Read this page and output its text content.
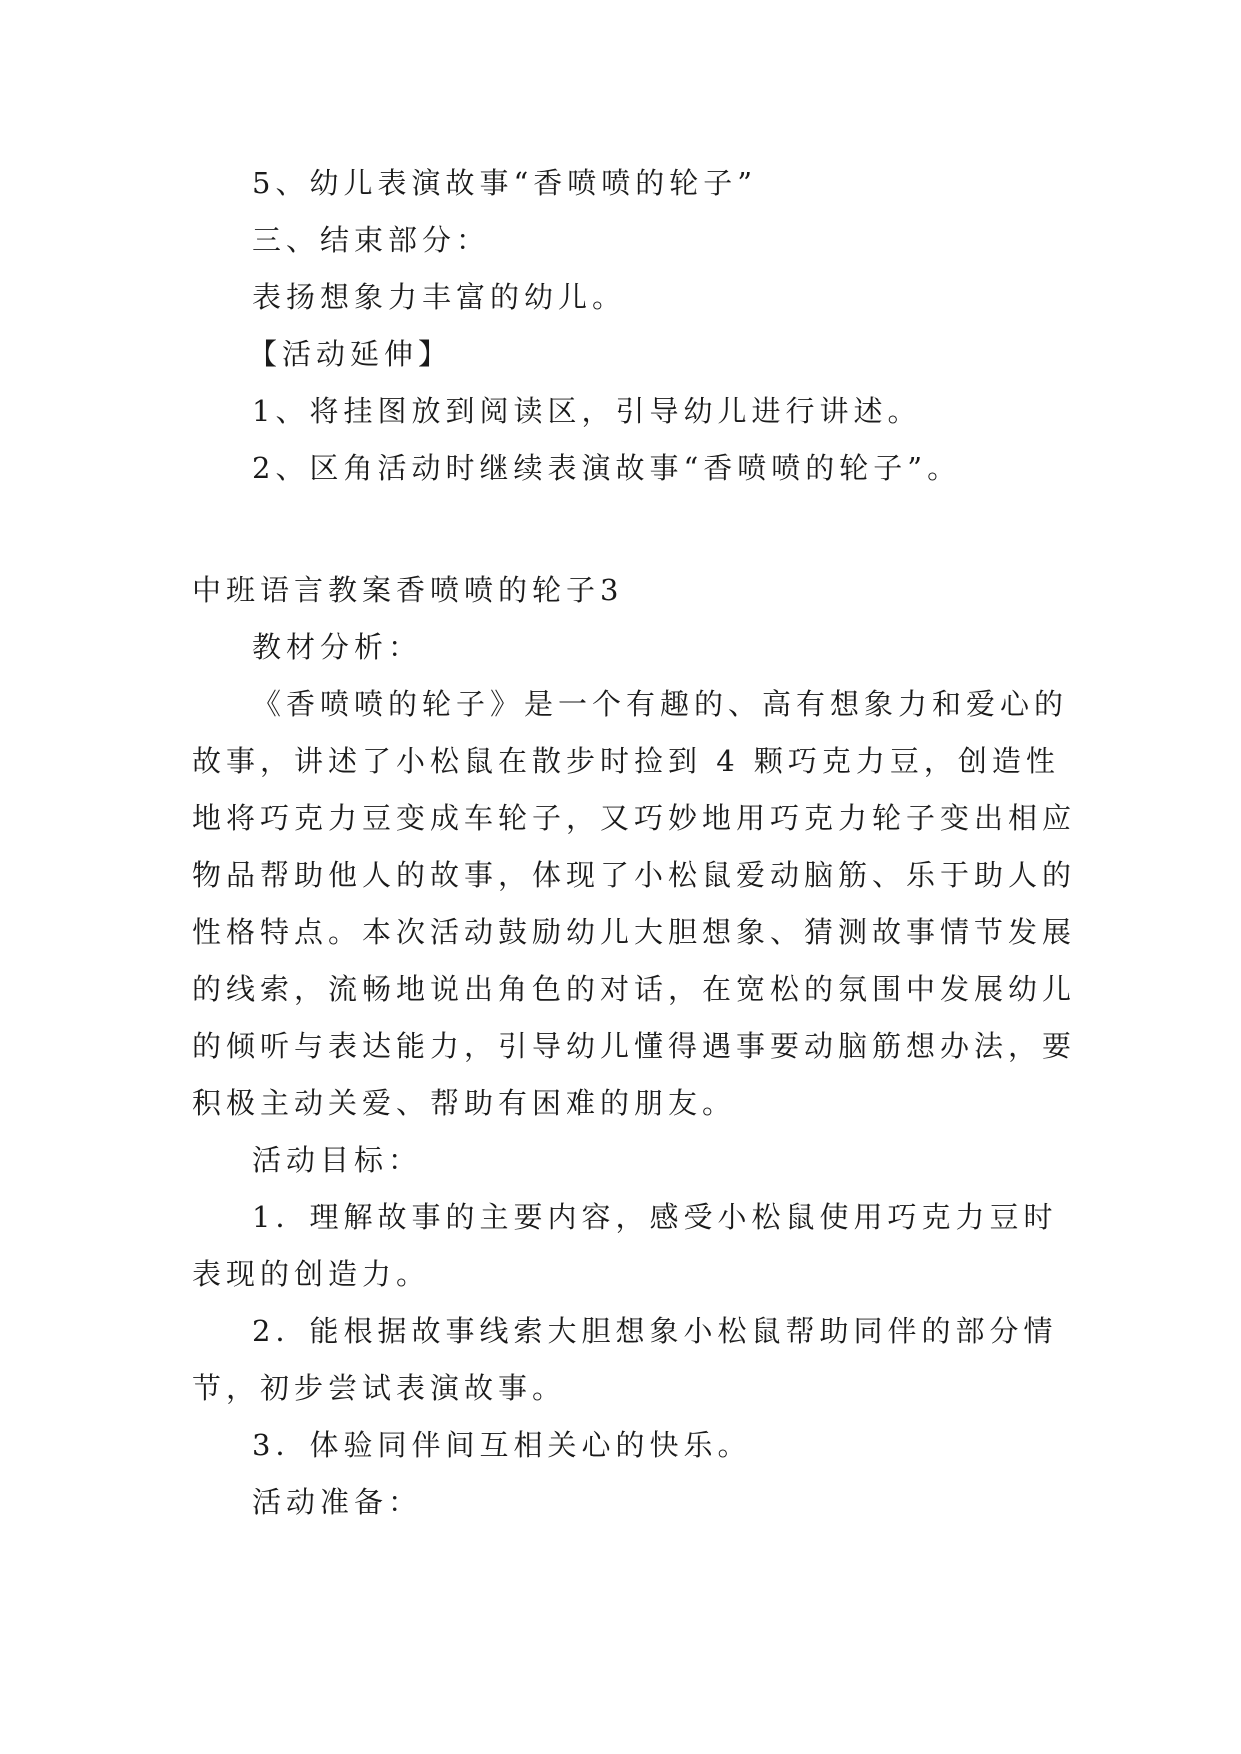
5、幼儿表演故事“香喷喷的轮子”
三、结束部分：
表扬想象力丰富的幼儿。
【活动延伸】
1、将挂图放到阅读区，引导幼儿进行讲述。
2、区角活动时继续表演故事“香喷喷的轮子”。
中班语言教案香喷喷的轮子3
教材分析：
《香喷喷的轮子》是一个有趣的、高有想象力和爱心的
故事，讲述了小松鼠在散步时捡到 4 颗巧克力豆，创造性
地将巧克力豆变成车轮子，又巧妙地用巧克力轮子变出相应
物品帮助他人的故事，体现了小松鼠爱动脑筋、乐于助人的
性格特点。本次活动鼓励幼儿大胆想象、猜测故事情节发展
的线索，流畅地说出角色的对话，在宽松的氛围中发展幼儿
的倾听与表达能力，引导幼儿懂得遇事要动脑筋想办法，要
积极主动关爱、帮助有困难的朋友。
活动目标：
1．理解故事的主要内容，感受小松鼠使用巧克力豆时
表现的创造力。
2．能根据故事线索大胆想象小松鼠帮助同伴的部分情
节，初步尝试表演故事。
3．体验同伴间互相关心的快乐。
活动准备：
